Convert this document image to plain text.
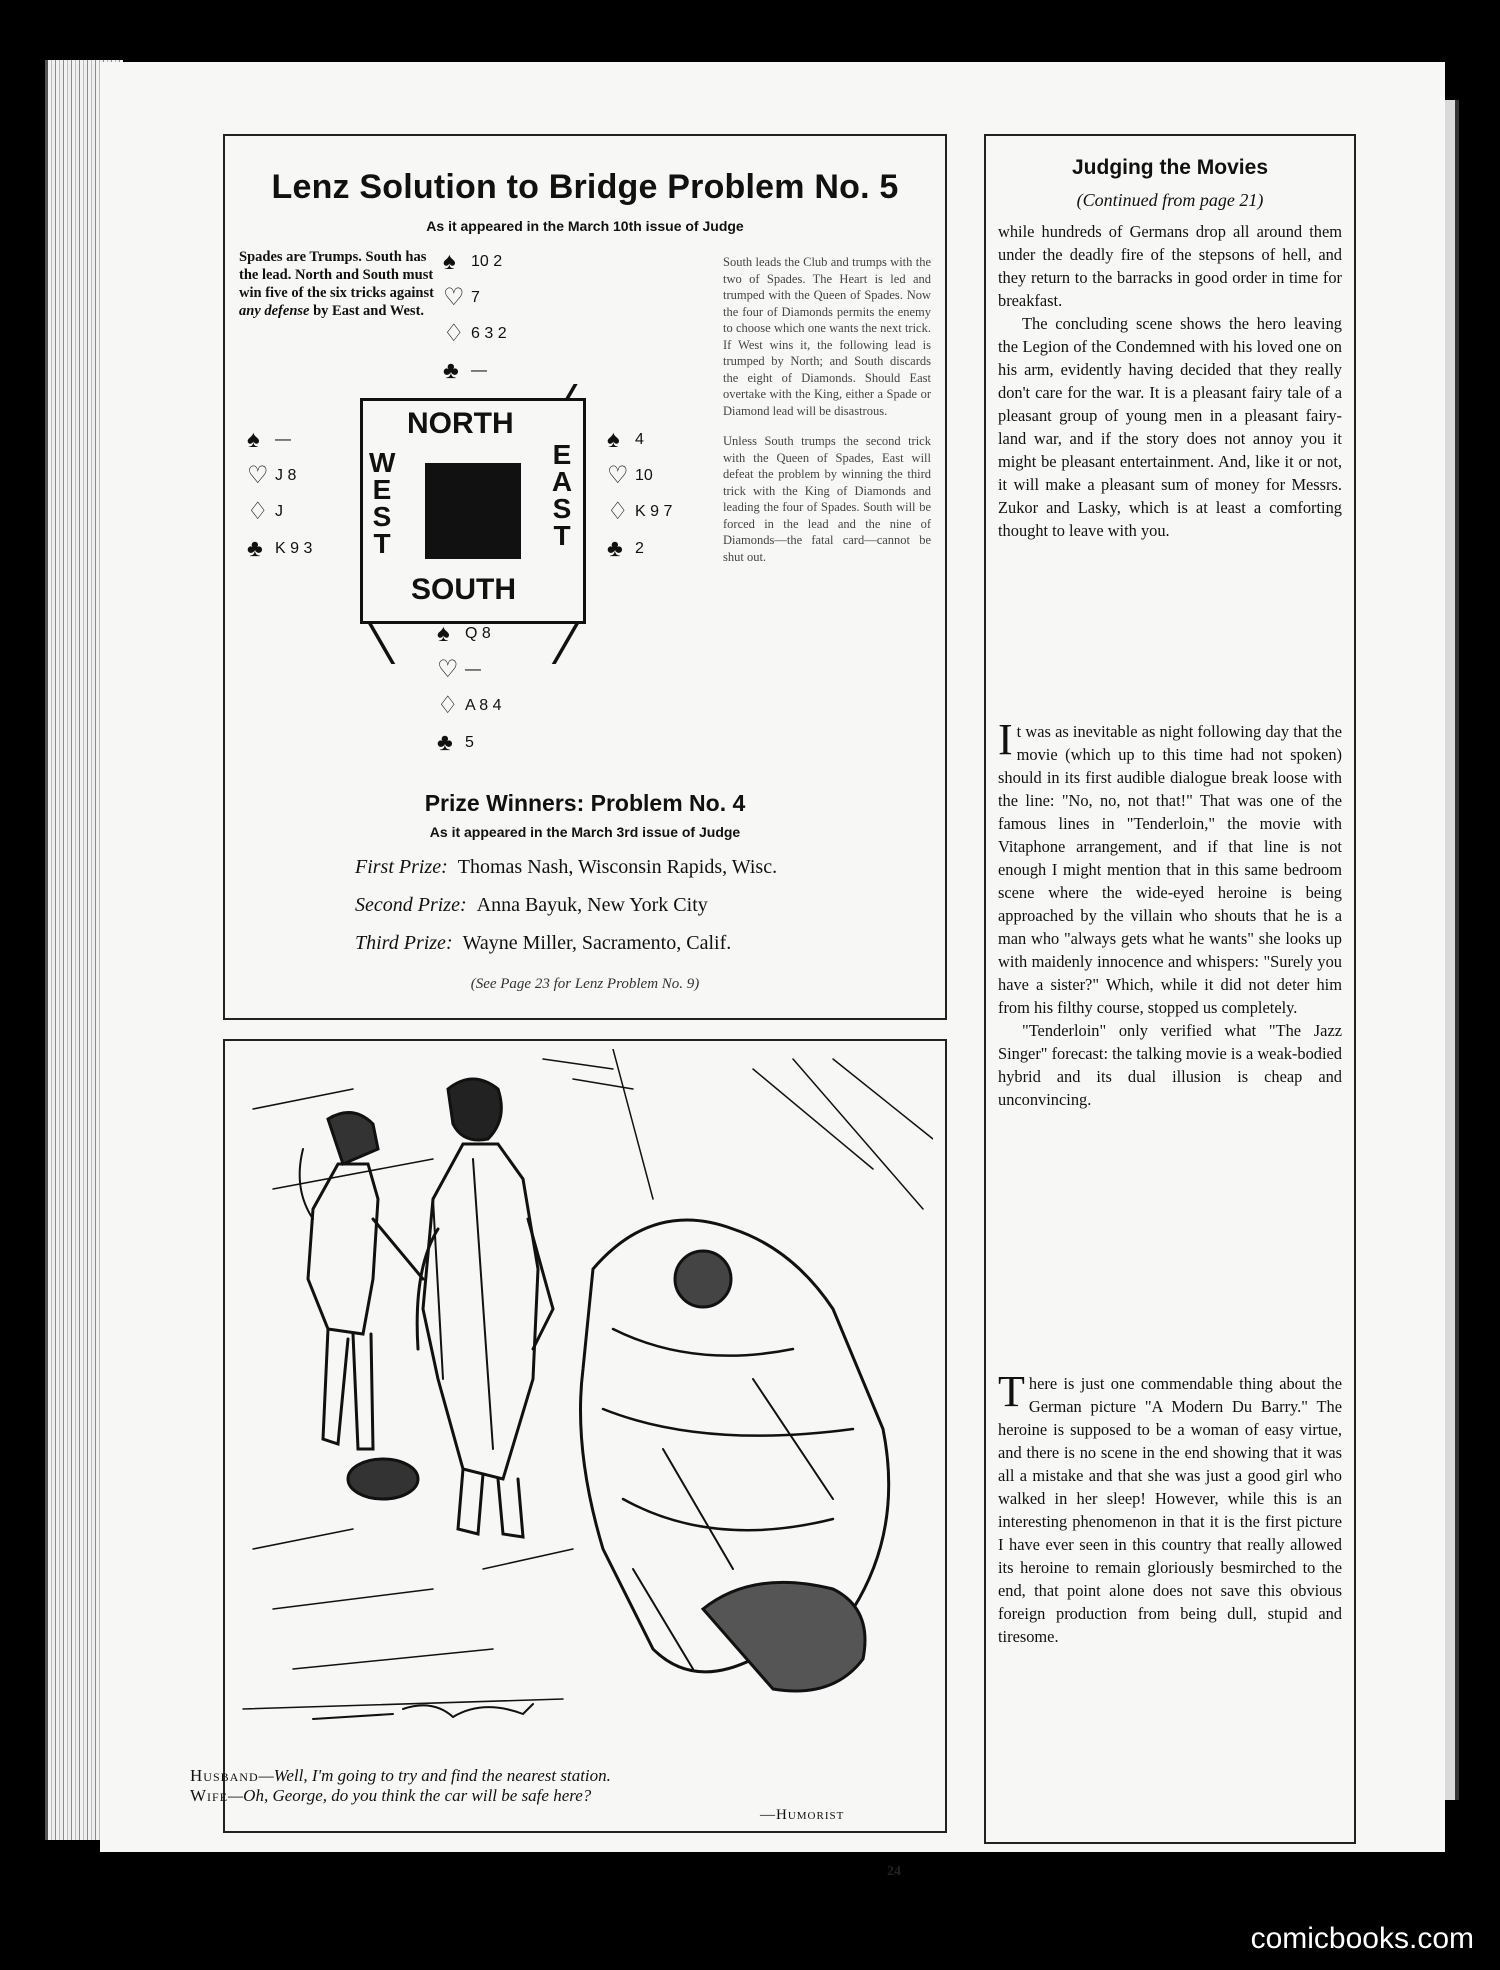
Lenz Solution to Bridge Problem No. 5
As it appeared in the March 10th issue of Judge
Spades are Trumps. South has the lead. North and South must win five of the six tricks against any defense by East and West.
♠ 10 2
♡ 7
♢ 6 3 2
♣ —
♠ —
♡ J 8
♢ J
♣ K 9 3
NORTH
SOUTH
W
E
S
T
E
A
S
T
♠ 4
♡ 10
♢ K 9 7
♣ 2
♠ Q 8
♡ —
♢ A 8 4
♣ 5

South leads the Club and trumps with the two of Spades. The Heart is led and trumped with the Queen of Spades. Now the four of Diamonds permits the enemy to choose which one wants the next trick. If West wins it, the following lead is trumped by North; and South discards the eight of Diamonds. Should East overtake with the King, either a Spade or Diamond lead will be disastrous.

Unless South trumps the second trick with the Queen of Spades, East will defeat the problem by winning the third trick with the King of Diamonds and leading the four of Spades. South will be forced in the lead and the nine of Diamonds—the fatal card—cannot be shut out.

Prize Winners: Problem No. 4
As it appeared in the March 3rd issue of Judge
First Prize: Thomas Nash, Wisconsin Rapids, Wisc.
Second Prize: Anna Bayuk, New York City
Third Prize: Wayne Miller, Sacramento, Calif.
(See Page 23 for Lenz Problem No. 9)
Husband—Well, I'm going to try and find the nearest station.
Wife—Oh, George, do you think the car will be safe here?
—Humorist
Judging the Movies
(Continued from page 21)

while hundreds of Germans drop all around them under the deadly fire of the stepsons of hell, and they return to the barracks in good order in time for breakfast.

The concluding scene shows the hero leaving the Legion of the Condemned with his loved one on his arm, evidently having decided that they really don't care for the war. It is a pleasant fairy tale of a pleasant group of young men in a pleasant fairy-land war, and if the story does not annoy you it might be pleasant entertainment. And, like it or not, it will make a pleasant sum of money for Messrs. Zukor and Lasky, which is at least a comforting thought to leave with you.

It was as inevitable as night following day that the movie (which up to this time had not spoken) should in its first audible dialogue break loose with the line: "No, no, not that!" That was one of the famous lines in "Tenderloin," the movie with Vitaphone arrangement, and if that line is not enough I might mention that in this same bedroom scene where the wide-eyed heroine is being approached by the villain who shouts that he is a man who "always gets what he wants" she looks up with maidenly innocence and whispers: "Surely you have a sister?" Which, while it did not deter him from his filthy course, stopped us completely.

"Tenderloin" only verified what "The Jazz Singer" forecast: the talking movie is a weak-bodied hybrid and its dual illusion is cheap and unconvincing.

There is just one commendable thing about the German picture "A Modern Du Barry." The heroine is supposed to be a woman of easy virtue, and there is no scene in the end showing that it was all a mistake and that she was just a good girl who walked in her sleep! However, while this is an interesting phenomenon in that it is the first picture I have ever seen in this country that really allowed its heroine to remain gloriously besmirched to the end, that point alone does not save this obvious foreign production from being dull, stupid and tiresome.

24
comicbooks.com
